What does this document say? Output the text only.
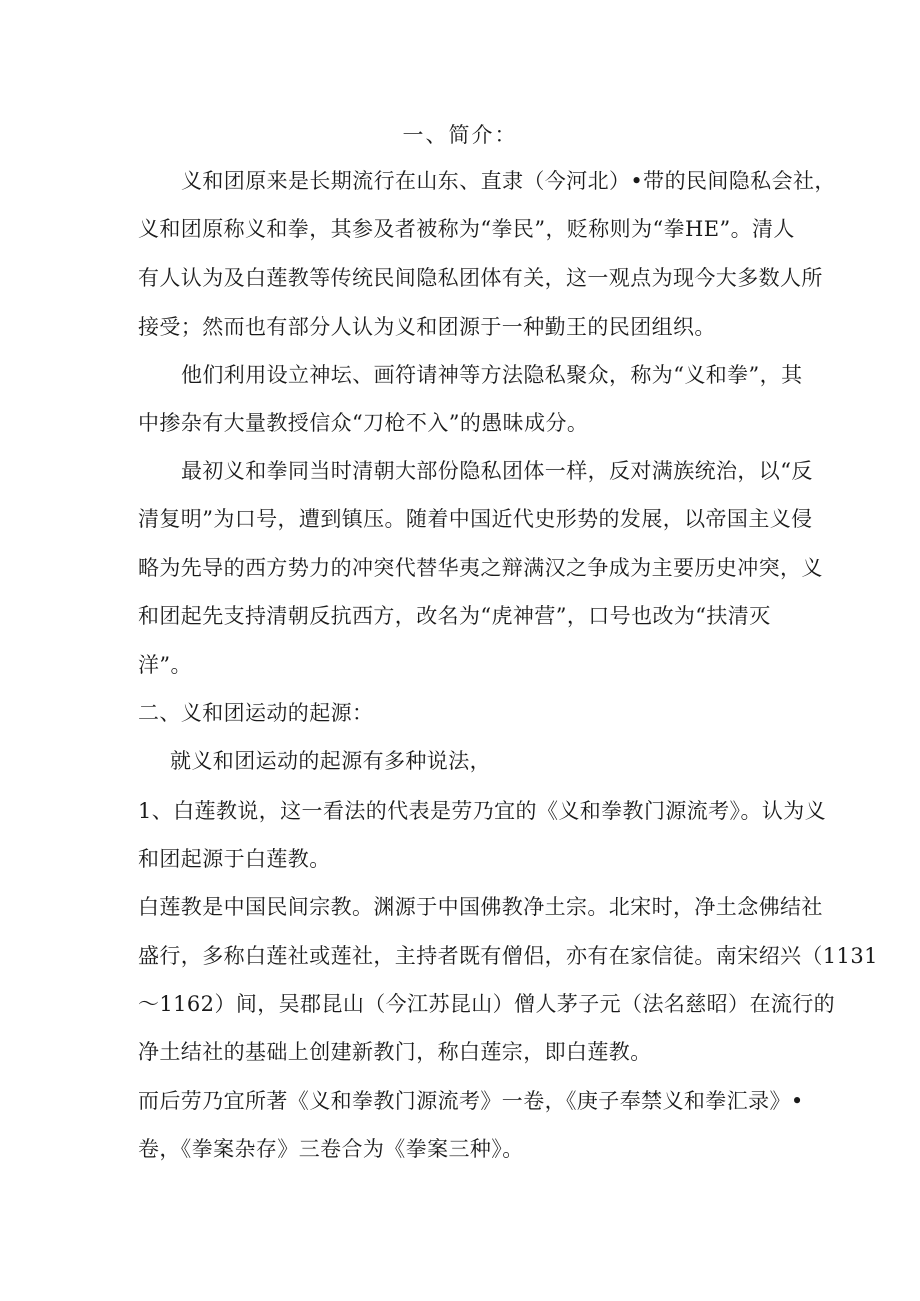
一、简介：
义和团原来是长期流行在山东、直隶（今河北）•带的民间隐私会社，
义和团原称义和拳，其参及者被称为“拳民”，贬称则为“拳HE”。清人
有人认为及白莲教等传统民间隐私团体有关，这一观点为现今大多数人所
接受；然而也有部分人认为义和团源于一种勤王的民团组织。
他们利用设立神坛、画符请神等方法隐私聚众，称为“义和拳”，其
中掺杂有大量教授信众“刀枪不入”的愚昧成分。
最初义和拳同当时清朝大部份隐私团体一样，反对满族统治，以“反
清复明”为口号，遭到镇压。随着中国近代史形势的发展，以帝国主义侵
略为先导的西方势力的冲突代替华夷之辩满汉之争成为主要历史冲突，义
和团起先支持清朝反抗西方，改名为“虎神营”，口号也改为“扶清灭
洋”。
二、义和团运动的起源：
就义和团运动的起源有多种说法，
1、白莲教说，这一看法的代表是劳乃宜的《义和拳教门源流考》。认为义
和团起源于白莲教。
白莲教是中国民间宗教。渊源于中国佛教净土宗。北宋时，净土念佛结社
盛行，多称白莲社或莲社，主持者既有僧侣，亦有在家信徒。南宋绍兴（1131
～1162）间，吴郡昆山（今江苏昆山）僧人茅子元（法名慈昭）在流行的
净土结社的基础上创建新教门，称白莲宗，即白莲教。
而后劳乃宜所著《义和拳教门源流考》一卷，《庚子奉禁义和拳汇录》•
卷，《拳案杂存》三卷合为《拳案三种》。
